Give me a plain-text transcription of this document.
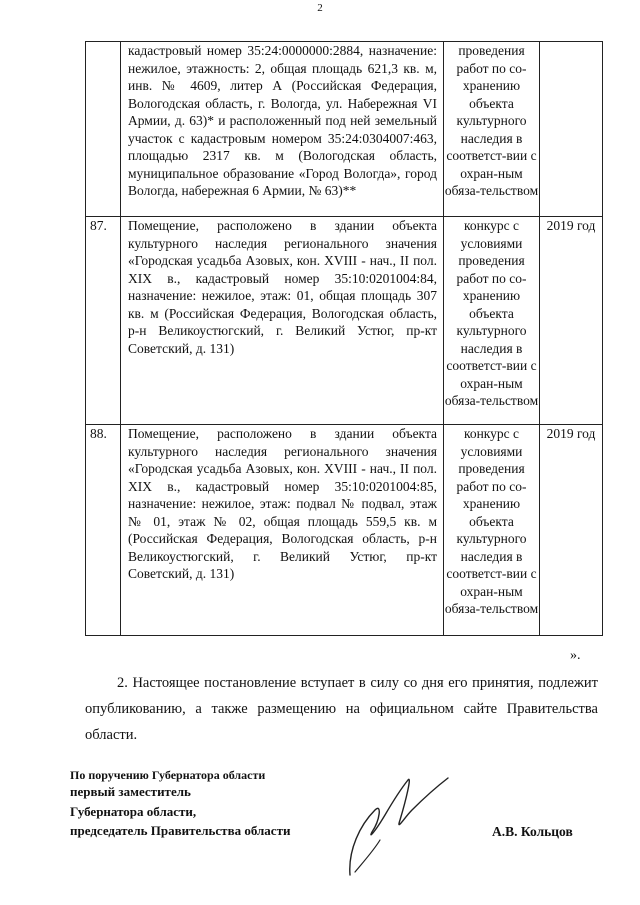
2
	кадастровый номер 35:24:0000000:2884, назначение: нежилое, этажность: 2, общая площадь 621,3 кв. м, инв. № 4609, литер А (Российская Федерация, Вологодская область, г. Вологда, ул. Набережная VI Армии, д. 63)* и расположенный под ней земельный участок с кадастровым номером 35:24:0304007:463, площадью 2317 кв. м (Вологодская область, муниципальное образование «Город Вологда», город Вологда, набережная 6 Армии, № 63)**	проведения работ по со-хранению объекта культурного наследия в соответст-вии с охран-ным обяза-тельством	
87.	Помещение, расположено в здании объекта культурного наследия регионального значения «Городская усадьба Азовых, кон. XVIII - нач., II пол. XIX в., кадастровый номер 35:10:0201004:84, назначение: нежилое, этаж: 01, общая площадь 307 кв. м (Российская Федерация, Вологодская область, р-н Великоустюгский, г. Великий Устюг, пр-кт Советский, д. 131)	конкурс с условиями проведения работ по со-хранению объекта культурного наследия в соответст-вии с охран-ным обяза-тельством	2019 год
88.	Помещение, расположено в здании объекта культурного наследия регионального значения «Городская усадьба Азовых, кон. XVIII - нач., II пол. XIX в., кадастровый номер 35:10:0201004:85, назначение: нежилое, этаж: подвал № подвал, этаж № 01, этаж № 02, общая площадь 559,5 кв. м (Российская Федерация, Вологодская область, р-н Великоустюгский, г. Великий Устюг, пр-кт Советский, д. 131)	конкурс с условиями проведения работ по со-хранению объекта культурного наследия в соответст-вии с охран-ным обяза-тельством	2019 год
».
2. Настоящее постановление вступает в силу со дня его принятия, подлежит опубликованию, а также размещению на официальном сайте Правительства области.
По поручению Губернатора области
первый заместитель
Губернатора области,
председатель Правительства области	А.В. Кольцов
